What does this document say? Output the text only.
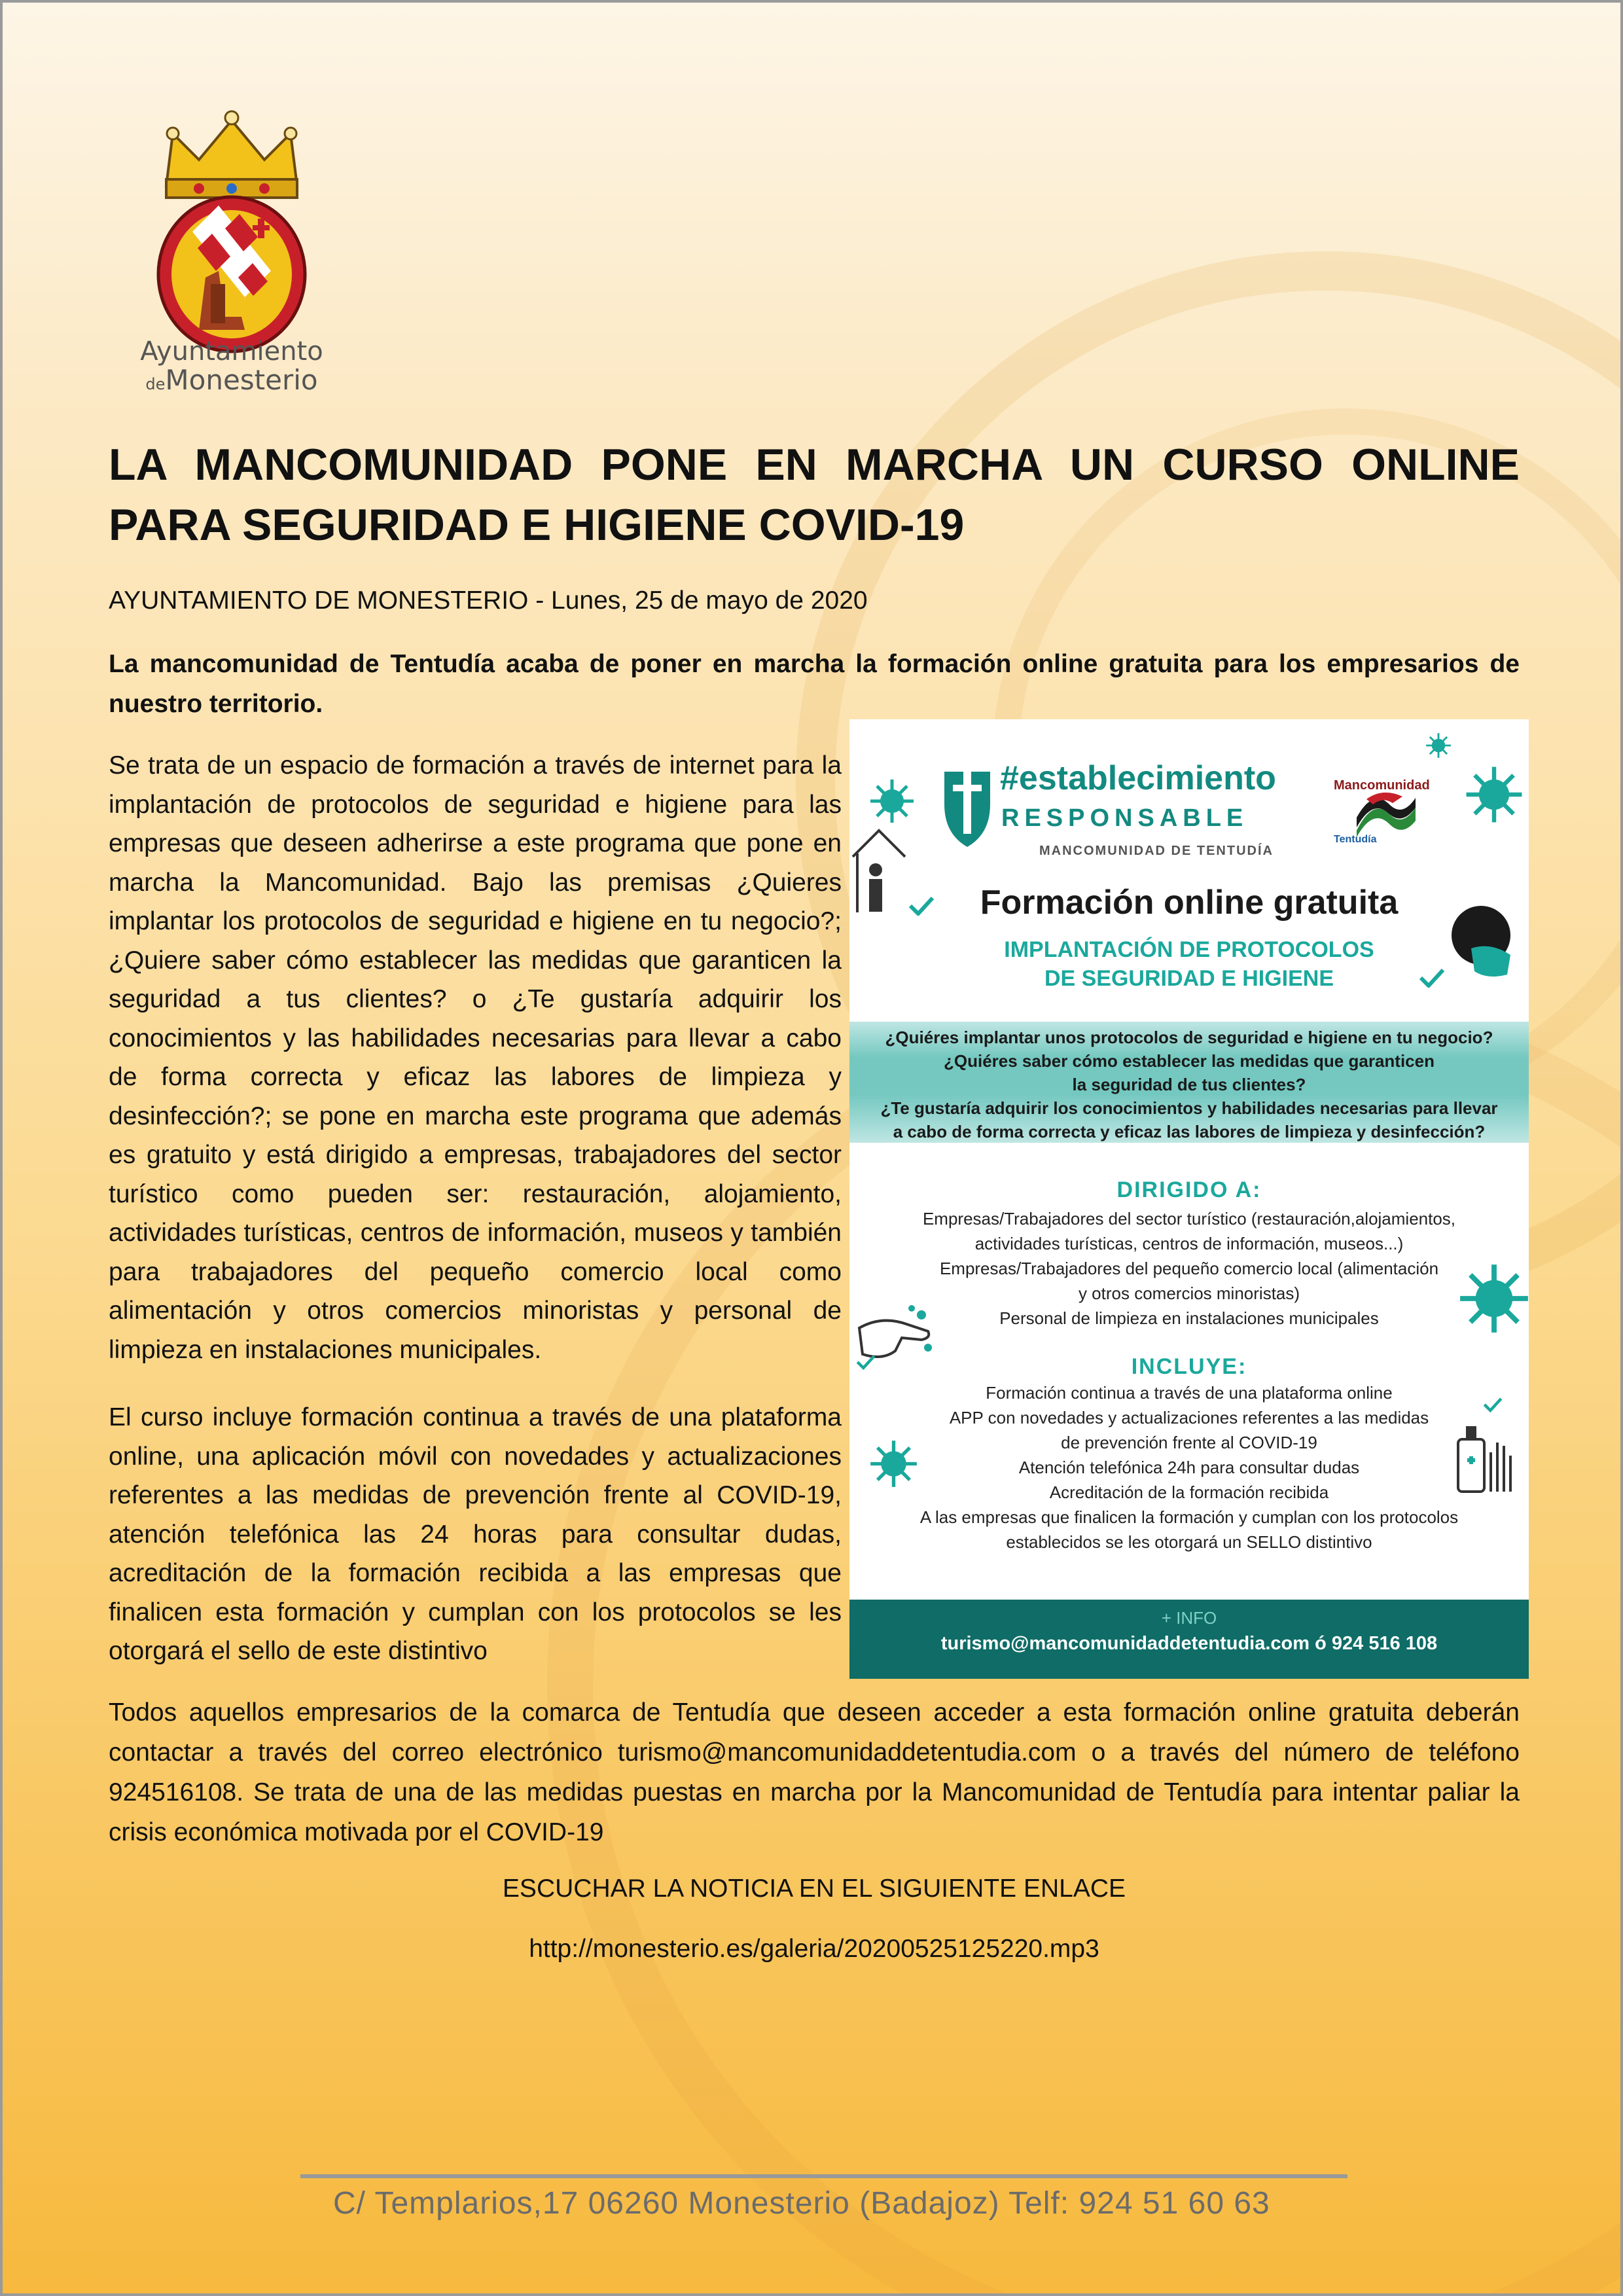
Ayuntamiento
deMonesterio
LA MANCOMUNIDAD PONE EN MARCHA UN CURSO ONLINE PARA SEGURIDAD E HIGIENE COVID-19
AYUNTAMIENTO DE MONESTERIO - Lunes, 25 de mayo de 2020
La mancomunidad de Tentudía acaba de poner en marcha la formación online gratuita para los empresarios de nuestro territorio.
Se trata de un espacio de formación a través de internet para la implantación de protocolos de seguridad e higiene para las empresas que deseen adherirse a este programa que pone en marcha la Mancomunidad. Bajo las premisas ¿Quieres implantar los protocolos de seguridad e higiene en tu negocio?; ¿Quiere saber cómo establecer las medidas que garanticen la seguridad a tus clientes? o ¿Te gustaría adquirir los conocimientos y las habilidades necesarias para llevar a cabo de forma correcta y eficaz las labores de limpieza y desinfección?; se pone en marcha este programa que además es gratuito y está dirigido a empresas, trabajadores del sector turístico como pueden ser: restauración, alojamiento, actividades turísticas, centros de información, museos y también para trabajadores del pequeño comercio local como alimentación y otros comercios minoristas y personal de limpieza en instalaciones municipales.
El curso incluye formación continua a través de una plataforma online, una aplicación móvil con novedades y actualizaciones referentes a las medidas de prevención frente al COVID-19, atención telefónica las 24 horas para consultar dudas, acreditación de la formación recibida a las empresas que finalicen esta formación y cumplan con los protocolos se les otorgará el sello de este distintivo
#establecimiento
RESPONSABLE
MANCOMUNIDAD DE TENTUDÍA
Mancomunidad
Tentudía
Formación online gratuita
IMPLANTACIÓN DE PROTOCOLOS
DE SEGURIDAD E HIGIENE
¿Quiéres implantar unos protocolos de seguridad e higiene en tu negocio?
¿Quiéres saber cómo establecer las medidas que garanticen
la seguridad de tus clientes?
¿Te gustaría adquirir los conocimientos y habilidades necesarias para llevar
a cabo de forma correcta y eficaz las labores de limpieza y desinfección?
DIRIGIDO A:
Empresas/Trabajadores del sector turístico (restauración,alojamientos,
actividades turísticas, centros de información, museos...)
Empresas/Trabajadores del pequeño comercio local (alimentación
y otros comercios minoristas)
Personal de limpieza en instalaciones municipales
INCLUYE:
Formación continua a través de una plataforma online
APP con novedades y actualizaciones referentes a las medidas
de prevención frente al COVID-19
Atención telefónica 24h para consultar dudas
Acreditación de la formación recibida
A las empresas que finalicen la formación y cumplan con los protocolos
establecidos se les otorgará un SELLO distintivo
+ INFO
turismo@mancomunidaddetentudia.com ó 924 516 108
Todos aquellos empresarios de la comarca de Tentudía que deseen acceder a esta formación online gratuita deberán contactar a través del correo electrónico turismo@mancomunidaddetentudia.com o a través del número de teléfono 924516108. Se trata de una de las medidas puestas en marcha por la Mancomunidad de Tentudía para intentar paliar la crisis económica motivada por el COVID-19
ESCUCHAR LA NOTICIA EN EL SIGUIENTE ENLACE
http://monesterio.es/galeria/20200525125220.mp3
C/ Templarios,17 06260 Monesterio (Badajoz) Telf: 924 51 60 63
